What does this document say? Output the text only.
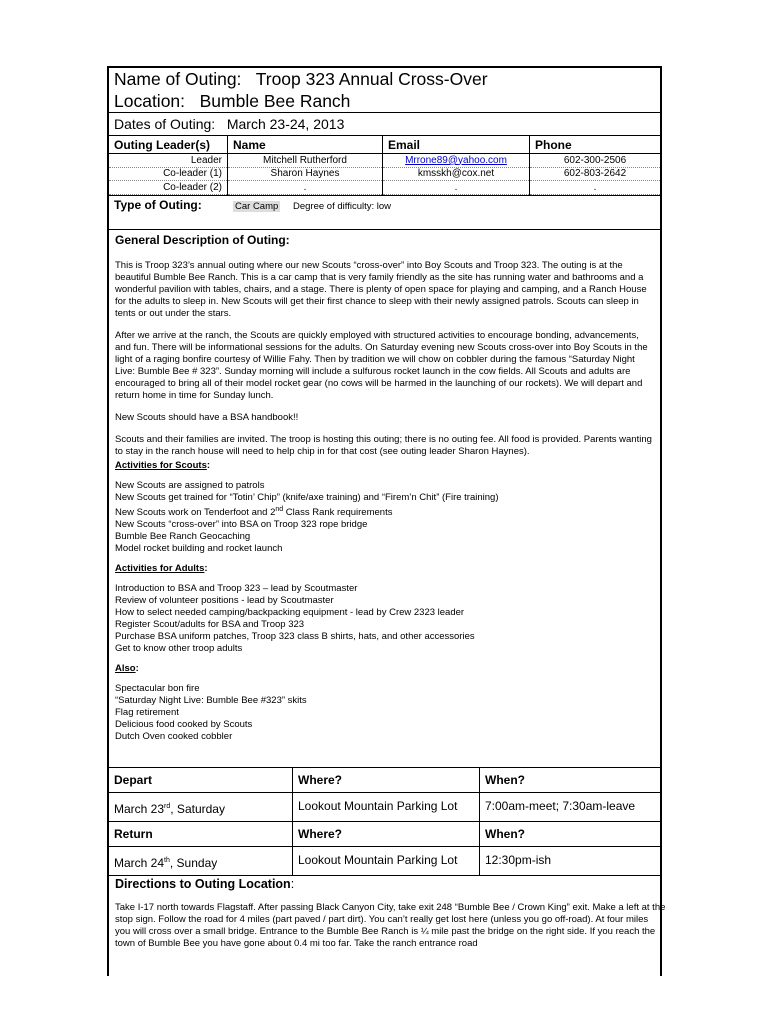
Name of Outing: Troop 323 Annual Cross-Over
Location: Bumble Bee Ranch
Dates of Outing: March 23-24, 2013
Outing Leader(s)	Name	Email	Phone
Leader	Mitchell Rutherford	Mrrone89@yahoo.com	602-300-2506
Co-leader (1)	Sharon Haynes	kmsskh@cox.net	602-803-2642
Co-leader (2)	.	.	.
Type of Outing:	Car Camp Degree of difficulty: low
General Description of Outing:

This is Troop 323’s annual outing where our new Scouts “cross-over” into Boy Scouts and Troop 323. The outing is at the beautiful Bumble Bee Ranch. This is a car camp that is very family friendly as the site has running water and bathrooms and a wonderful pavilion with tables, chairs, and a stage. There is plenty of open space for playing and camping, and a Ranch House for the adults to sleep in. New Scouts will get their first chance to sleep with their newly assigned patrols. Scouts can sleep in tents or out under the stars.

After we arrive at the ranch, the Scouts are quickly employed with structured activities to encourage bonding, advancements, and fun. There will be informational sessions for the adults. On Saturday evening new Scouts cross-over into Boy Scouts in the light of a raging bonfire courtesy of Willie Fahy. Then by tradition we will chow on cobbler during the famous “Saturday Night Live: Bumble Bee # 323”. Sunday morning will include a sulfurous rocket launch in the cow fields. All Scouts and adults are encouraged to bring all of their model rocket gear (no cows will be harmed in the launching of our rockets). We will depart and return home in time for Sunday lunch.

New Scouts should have a BSA handbook!!

Scouts and their families are invited. The troop is hosting this outing; there is no outing fee. All food is provided. Parents wanting to stay in the ranch house will need to help chip in for that cost (see outing leader Sharon Haynes).

Activities for Scouts:
New Scouts are assigned to patrols
New Scouts get trained for “Totin’ Chip” (knife/axe training) and “Firem’n Chit” (Fire training)
New Scouts work on Tenderfoot and 2nd Class Rank requirements
New Scouts “cross-over” into BSA on Troop 323 rope bridge
Bumble Bee Ranch Geocaching
Model rocket building and rocket launch
Activities for Adults:
Introduction to BSA and Troop 323 – lead by Scoutmaster
Review of volunteer positions - lead by Scoutmaster
How to select needed camping/backpacking equipment - lead by Crew 2323 leader
Register Scout/adults for BSA and Troop 323
Purchase BSA uniform patches, Troop 323 class B shirts, hats, and other accessories
Get to know other troop adults
Also:
Spectacular bon fire
“Saturday Night Live: Bumble Bee #323” skits
Flag retirement
Delicious food cooked by Scouts
Dutch Oven cooked cobbler
Depart	Where?	When?
March 23rd, Saturday	Lookout Mountain Parking Lot	7:00am-meet; 7:30am-leave
Return	Where?	When?
March 24th, Sunday	Lookout Mountain Parking Lot	12:30pm-ish
Directions to Outing Location:
Take I-17 north towards Flagstaff. After passing Black Canyon City, take exit 248 “Bumble Bee / Crown King” exit. Make a left at the stop sign. Follow the road for 4 miles (part paved / part dirt). You can’t really get lost here (unless you go off-road). At four miles you will cross over a small bridge. Entrance to the Bumble Bee Ranch is ¼ mile past the bridge on the right side. If you reach the town of Bumble Bee you have gone about 0.4 mi too far. Take the ranch entrance road
